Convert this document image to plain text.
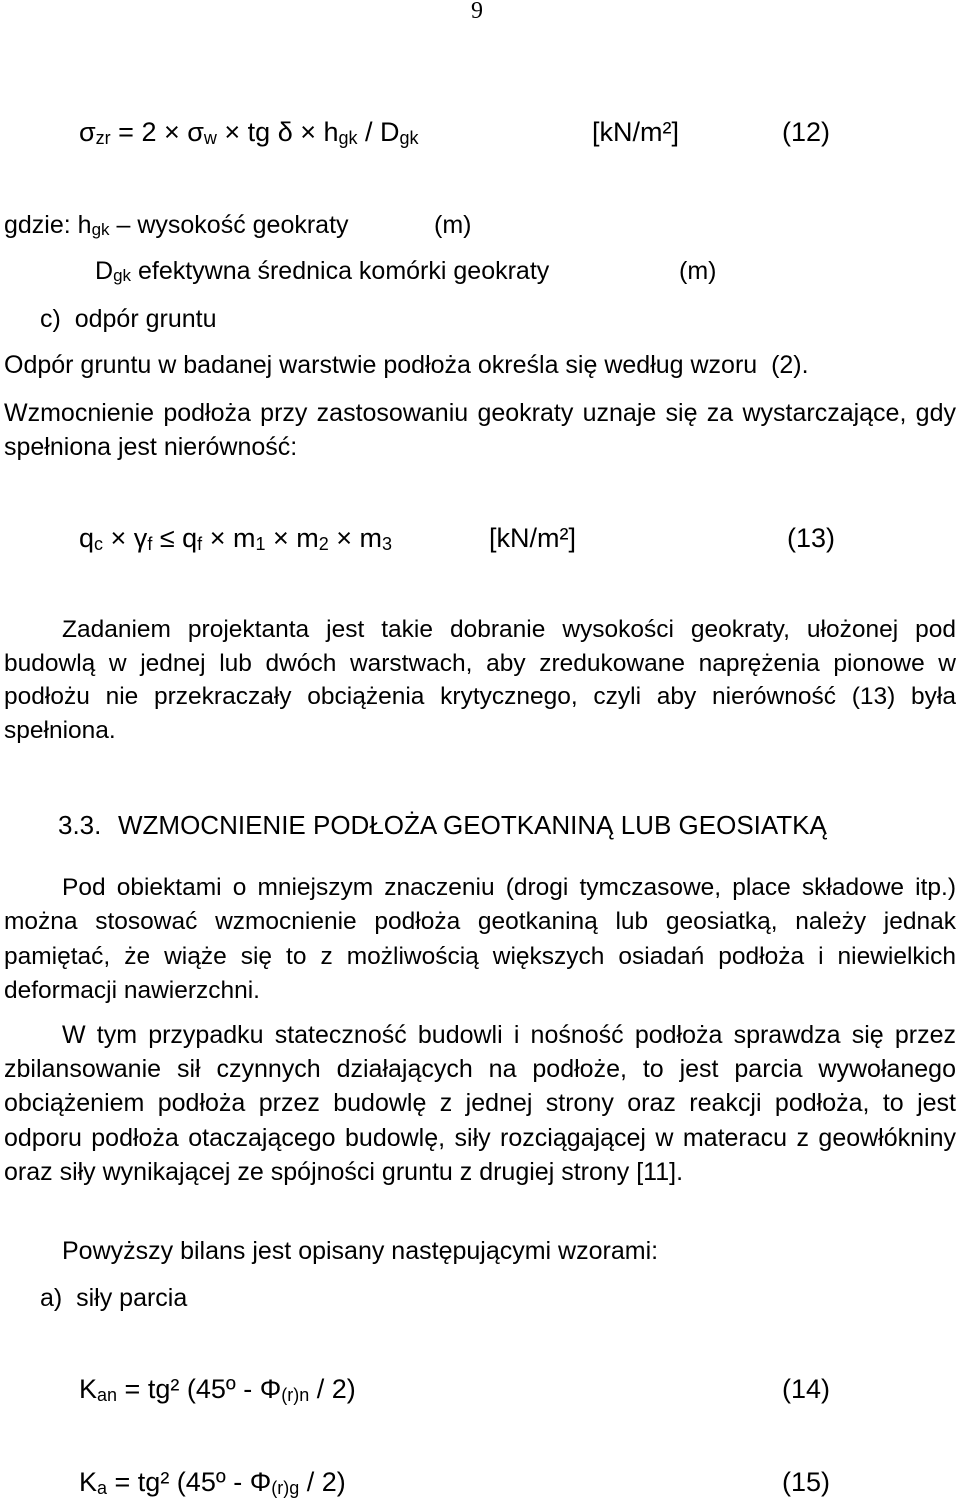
9
$\sigma_{zr} = 2 \times \sigma_w$ × tg $\delta \times h_{gk} / D_{gk}$	[kN/m²]	(12)
gdzie: $h_{gk}$ – wysokość geokraty	(m)
$D_{gk}$ efektywna średnica komórki geokraty	(m)
c)  odpór gruntu
Odpór gruntu w badanej warstwie podłoża określa się według wzoru  (2).

Wzmocnienie podłoża przy zastosowaniu geokraty uznaje się za wystarczające, gdy spełniona jest nierówność:

$q_c \times \gamma_f \le q_f \times m_1 \times m_2 \times m_3$	[kN/m²]	(13)

Zadaniem projektanta jest takie dobranie wysokości geokraty, ułożonej pod budowlą w jednej lub dwóch warstwach, aby zredukowane naprężenia pionowe w podłożu nie przekraczały obciążenia krytycznego, czyli aby nierówność (13) była spełniona.

3.3. WZMOCNIENIE PODŁOŻA GEOTKANINĄ LUB GEOSIATKĄ

Pod obiektami o mniejszym znaczeniu (drogi tymczasowe, place składowe itp.) można stosować wzmocnienie podłoża geotkaniną lub geosiatką, należy jednak pamiętać, że wiąże się to z możliwością większych osiadań podłoża i niewielkich deformacji nawierzchni.

W tym przypadku stateczność budowli i nośność podłoża sprawdza się przez zbilansowanie sił czynnych działających na podłoże, to jest parcia wywołanego obciążeniem podłoża przez budowlę z jednej strony oraz reakcji podłoża, to jest odporu podłoża otaczającego budowlę, siły rozciągającej w materacu z geowłókniny oraz siły wynikającej ze spójności gruntu z drugiej strony [11].

Powyższy bilans jest opisany następującymi wzorami:
a)  siły parcia
$K_{an} = tg^2$ (45º - $\Phi_{(r)n} / 2$)	(14)
$K_a = tg^2$ (45º - $\Phi_{(r)g} / 2$)	(15)
